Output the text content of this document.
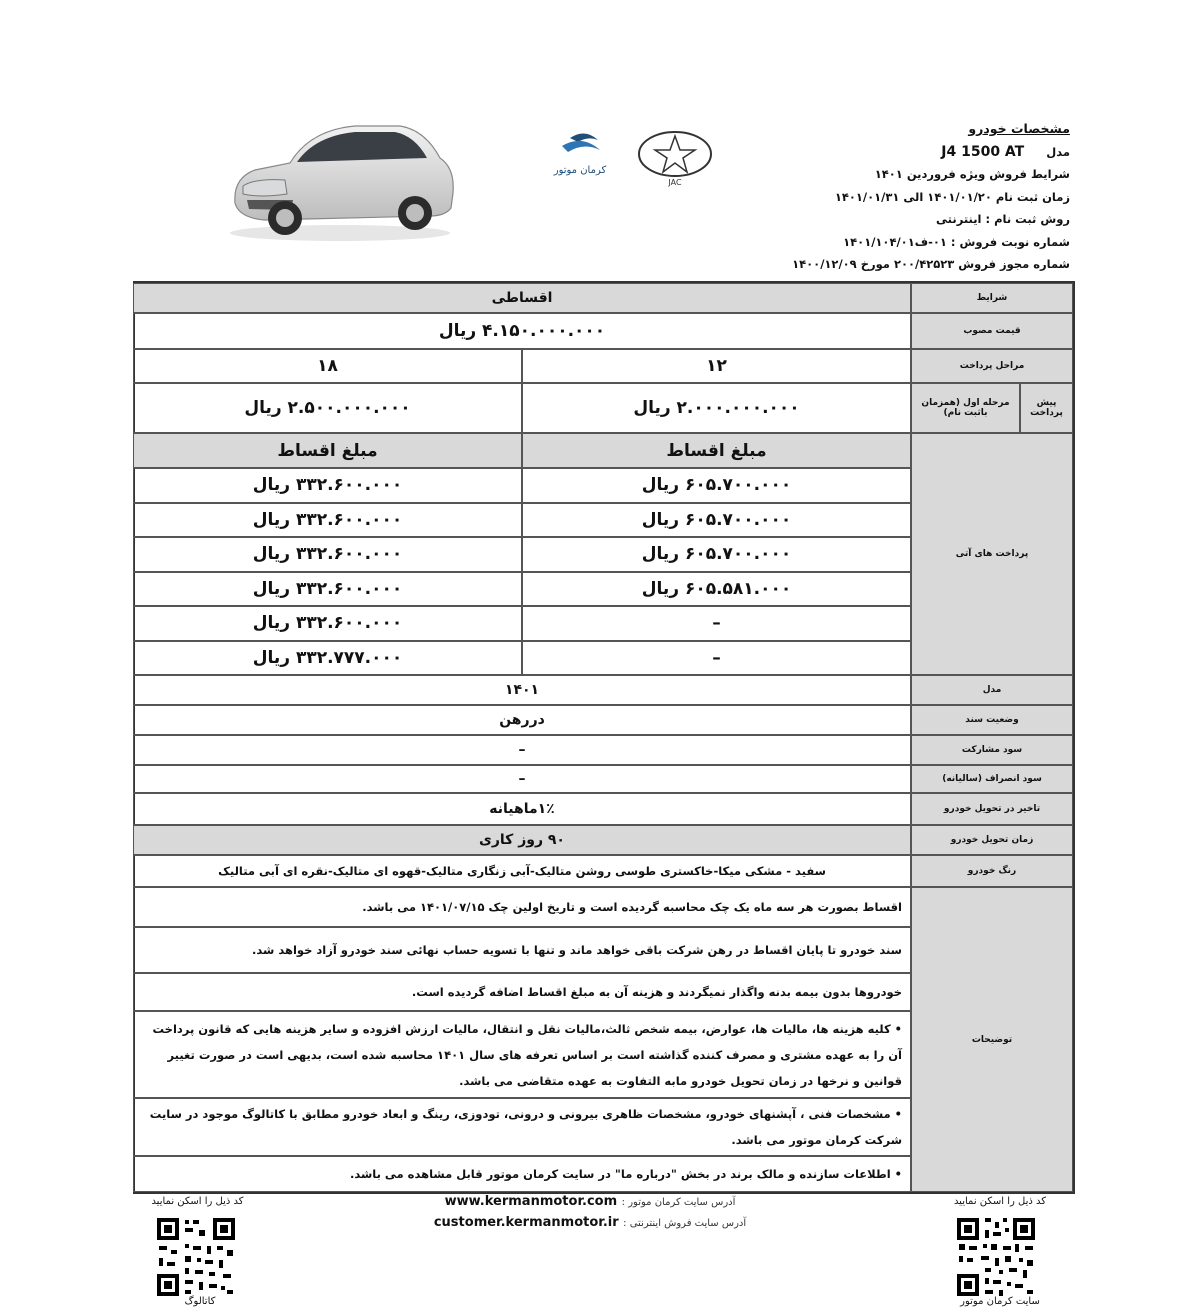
مشخصات خودرو
مدل J4 1500 AT
شرایط فروش ویژه فروردین ۱۴۰۱
زمان ثبت نام ۱۴۰۱/۰۱/۲۰ الی ۱۴۰۱/۰۱/۳۱
روش ثبت نام : اینترنتی
شماره نوبت فروش : ۰۱-ف۱۴۰۱/۱۰۴/۰۱
شماره مجوز فروش ۲۰۰/۴۲۵۲۳ مورخ ۱۴۰۰/۱۲/۰۹
کرمان موتور
JAC
شرایط
اقساطی
قیمت مصوب
۴.۱۵۰.۰۰۰.۰۰۰ ریال
مراحل پرداخت
۱۲
۱۸
پیش پرداخت
مرحله اول (همزمان باثبت نام)
۲.۰۰۰.۰۰۰.۰۰۰ ریال
۲.۵۰۰.۰۰۰.۰۰۰ ریال
پرداخت های آتی
مبلغ اقساط
مبلغ اقساط
۶۰۵.۷۰۰.۰۰۰ ریال
۳۳۲.۶۰۰.۰۰۰ ریال
۶۰۵.۷۰۰.۰۰۰ ریال
۳۳۲.۶۰۰.۰۰۰ ریال
۶۰۵.۷۰۰.۰۰۰ ریال
۳۳۲.۶۰۰.۰۰۰ ریال
۶۰۵.۵۸۱.۰۰۰ ریال
۳۳۲.۶۰۰.۰۰۰ ریال
–
۳۳۲.۶۰۰.۰۰۰ ریال
–
۳۳۲.۷۷۷.۰۰۰ ریال
مدل
۱۴۰۱
وضعیت سند
دررهن
سود مشارکت
–
سود انصراف (سالیانه)
–
تاخیر در تحویل خودرو
۱٪ماهیانه
زمان تحویل خودرو
۹۰ روز کاری
رنگ خودرو
سفید - مشکی میکا-خاکستری طوسی روشن متالیک-آبی زنگاری متالیک-قهوه ای متالیک-نقره ای آبی متالیک
توضیحات
اقساط بصورت هر سه ماه یک چک محاسبه گردیده است و تاریخ اولین چک ۱۴۰۱/۰۷/۱۵ می باشد.
سند خودرو تا پایان اقساط در رهن شرکت باقی خواهد ماند و تنها با تسویه حساب نهائی سند خودرو آزاد خواهد شد.
خودروها بدون بیمه بدنه واگذار نمیگردند و هزینه آن به مبلغ اقساط اضافه گردیده است.
• کلیه هزینه ها، مالیات ها، عوارض، بیمه شخص ثالث،مالیات نقل و انتقال، مالیات ارزش افزوده و سایر هزینه هایی که قانون پرداخت آن را به عهده مشتری و مصرف کننده گذاشته است بر اساس تعرفه های سال ۱۴۰۱ محاسبه شده است، بدیهی است در صورت تغییر قوانین و نرخها در زمان تحویل خودرو مابه التفاوت به عهده متقاضی می باشد.
• مشخصات فنی ، آپشنهای خودرو، مشخصات ظاهری بیرونی و درونی، تودوزی، رینگ و ابعاد خودرو مطابق با کاتالوگ موجود در سایت شرکت کرمان موتور می باشد.
• اطلاعات سازنده و مالک برند در بخش "درباره ما" در سایت کرمان موتور قابل مشاهده می باشد.
کد ذیل را اسکن نمایید
کاتالوگ
آدرس سایت کرمان موتور : www.kermanmotor.com
آدرس سایت فروش اینترنتی : customer.kermanmotor.ir
کد ذیل را اسکن نمایید
سایت کرمان موتور
